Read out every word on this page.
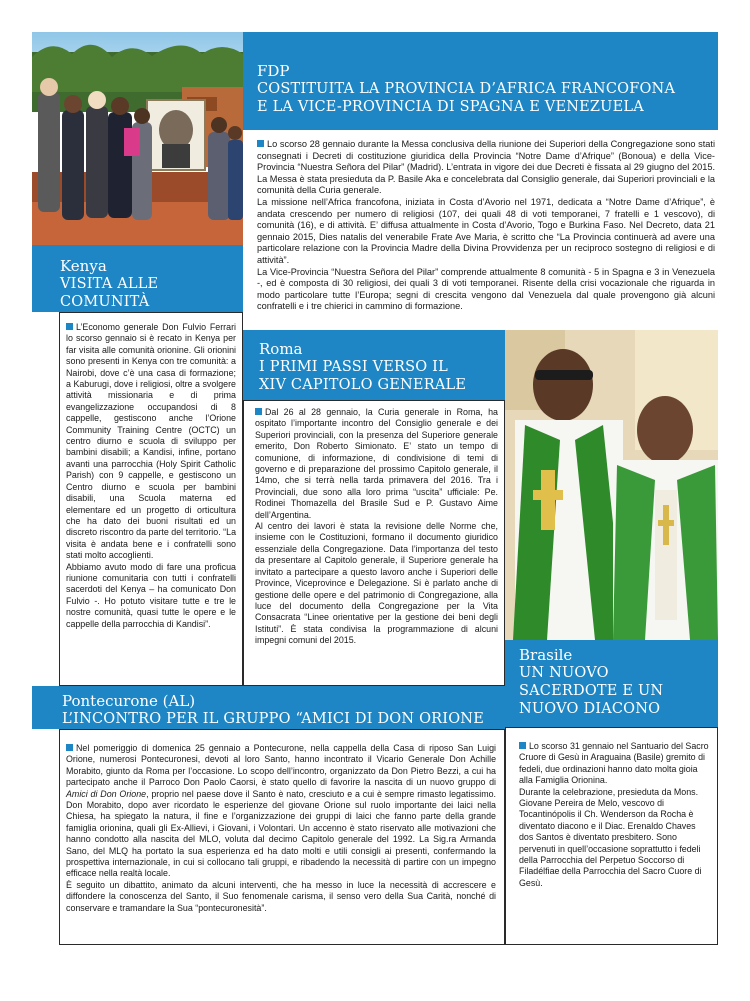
FDP
COSTITUITA LA PROVINCIA D’AFRICA FRANCOFONA
E LA VICE-PROVINCIA DI SPAGNA E VENEZUELA

Lo scorso 28 gennaio durante la Messa conclusiva della riunione dei Superiori della Congregazione sono stati consegnati i Decreti di costituzione giuridica della Provincia “Notre Dame d’Afrique” (Bonoua) e della Vice-Provincia “Nuestra Señora del Pilar” (Madrid). L’entrata in vigore dei due Decreti è fissata al 29 giugno del 2015. La Messa è stata presieduta da P. Basile Aka e concelebrata dal Consiglio generale, dai Superiori provinciali e la comunità della Curia generale.

La missione nell’Africa francofona, iniziata in Costa d’Avorio nel 1971, dedicata a “Notre Dame d’Afrique”, è andata crescendo per numero di religiosi (107, dei quali 48 di voti temporanei, 7 fratelli e 1 vescovo), di comunità (16), e di attività. E’ diffusa attualmente in Costa d’Avorio, Togo e Burkina Faso. Nel Decreto, data 21 gennaio 2015, Dies natalis del venerabile Frate Ave Maria, è scritto che “La Provincia continuerà ad avere una particolare relazione con la Provincia Madre della Divina Provvidenza per un reciproco sostegno di religiosi e di attività”.

La Vice-Provincia “Nuestra Señora del Pilar” comprende attualmente 8 comunità - 5 in Spagna e 3 in Venezuela -, ed è composta di 30 religiosi, dei quali 3 di voti temporanei. Risente della crisi vocazionale che riguarda in modo particolare tutte l’Europa; segni di crescita vengono dal Venezuela dal quale provengono già alcuni confratelli e i tre chierici in cammino di formazione.

Kenya
VISITA ALLE
COMUNITÀ

L’Economo generale Don Fulvio Ferrari lo scorso gennaio si è recato in Kenya per far visita alle comunità orionine. Gli orionini sono presenti in Kenya con tre comunità: a Nairobi, dove c’è una casa di formazione; a Kaburugi, dove i religiosi, oltre a svolgere attività missionaria e di prima evangelizzazione occupandosi di 8 cappelle, gestiscono anche l’Orione Community Training Centre (OCTC) un centro diurno e scuola di sviluppo per bambini disabili; a Kandisi, infine, portano avanti una parrocchia (Holy Spirit Catholic Parish) con 9 cappelle, e gestiscono un Centro diurno e scuola per bambini disabili, una Scuola materna ed elementare ed un progetto di orticultura che ha dato dei buoni risultati ed un discreto riscontro da parte del territorio. “La visita è andata bene e i confratelli sono stati molto accoglienti.

Abbiamo avuto modo di fare una proficua riunione comunitaria con tutti i confratelli sacerdoti del Kenya – ha comunicato Don Fulvio -. Ho potuto visitare tutte e tre le nostre comunità, quasi tutte le opere e le cappelle della parrocchia di Kandisi”.

Roma
I PRIMI PASSI VERSO IL
XIV CAPITOLO GENERALE

Dal 26 al 28 gennaio, la Curia generale in Roma, ha ospitato l’importante incontro del Consiglio generale e dei Superiori provinciali, con la presenza del Superiore generale emerito, Don Roberto Simionato. E’ stato un tempo di comunione, di informazione, di condivisione di temi di governo e di preparazione del prossimo Capitolo generale, il 14mo, che si terrà nella tarda primavera del 2016. Tra i Provinciali, due sono alla loro prima “uscita” ufficiale: Pe. Rodinei Thomazella del Brasile Sud e P. Gustavo Aime dell’Argentina.

Al centro dei lavori è stata la revisione delle Norme che, insieme con le Costituzioni, formano il documento giuridico essenziale della Congregazione. Data l’importanza del testo da presentare al Capitolo generale, il Superiore generale ha invitato a partecipare a questo lavoro anche i Superiori delle Province, Viceprovince e Delegazione. Si è parlato anche di gestione delle opere e del patrimonio di Congregazione, alla luce del documento della Congregazione per la Vita Consacrata “Linee orientative per la gestione dei beni degli Istituti”. È stata condivisa la programmazione di alcuni impegni comuni del 2015.

Brasile
UN NUOVO
SACERDOTE E UN
NUOVO DIACONO

Lo scorso 31 gennaio nel Santuario del Sacro Cruore di Gesù in Araguaina (Basile) gremito di fedeli, due ordinazioni hanno dato molta gioia alla Famiglia Orionina.

Durante la celebrazione, presieduta da Mons. Giovane Pereira de Melo, vescovo di Tocantinópolis il Ch. Wenderson da Rocha è diventato diacono e il Diac. Erenaldo Chaves dos Santos è diventato presbitero. Sono pervenuti in quell’occasione soprattutto i fedeli della Parrocchia del Perpetuo Soccorso di Filadélfiae della Parrocchia del Sacro Cuore di Gesù.

Pontecurone (AL)
L’INCONTRO PER IL GRUPPO “AMICI DI DON ORIONE

Nel pomeriggio di domenica 25 gennaio a Pontecurone, nella cappella della Casa di riposo San Luigi Orione, numerosi Pontecuronesi, devoti al loro Santo, hanno incontrato il Vicario Generale Don Achille Morabito, giunto da Roma per l’occasione. Lo scopo dell’incontro, organizzato da Don Pietro Bezzi, a cui ha partecipato anche il Parroco Don Paolo Caorsi, è stato quello di favorire la nascita di un nuovo gruppo di Amici di Don Orione, proprio nel paese dove il Santo è nato, cresciuto e a cui è sempre rimasto legatissimo. Don Morabito, dopo aver ricordato le esperienze del giovane Orione sul ruolo importante dei laici nella Chiesa, ha spiegato la natura, il fine e l’organizzazione dei gruppi di laici che fanno parte della grande famiglia orionina, quali gli Ex-Allievi, i Giovani, i Volontari. Un accenno è stato riservato alle motivazioni che hanno condotto alla nascita del MLO, voluta dal decimo Capitolo generale del 1992. La Sig.ra Armanda Sano, del MLQ ha portato la sua esperienza ed ha dato molti e utili consigli ai presenti, confermando la prospettiva internazionale, in cui si collocano tali gruppi, e ribadendo la necessità di partire con un impegno efficace nella realtà locale.

È seguito un dibattito, animato da alcuni interventi, che ha messo in luce la necessità di accrescere e diffondere la conoscenza del Santo, il Suo fenomenale carisma, il senso vero della Sua Carità, nonché di conservare e tramandare la Sua “pontecuronesità”.
